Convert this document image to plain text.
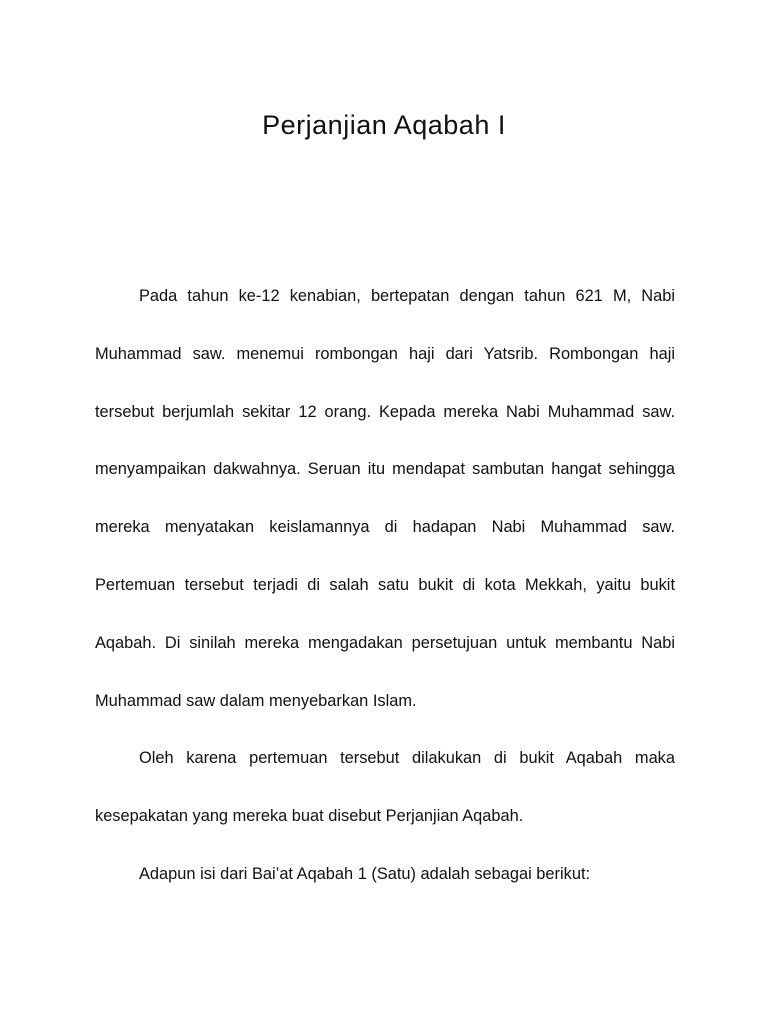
Perjanjian Aqabah I

Pada tahun ke-12 kenabian, bertepatan dengan tahun 621 M, Nabi Muhammad saw. menemui rombongan haji dari Yatsrib. Rombongan haji tersebut berjumlah sekitar 12 orang. Kepada mereka Nabi Muhammad saw. menyampaikan dakwahnya. Seruan itu mendapat sambutan hangat sehingga mereka menyatakan keislamannya di hadapan Nabi Muhammad saw. Pertemuan tersebut terjadi di salah satu bukit di kota Mekkah, yaitu bukit Aqabah. Di sinilah mereka mengadakan persetujuan untuk membantu Nabi Muhammad saw dalam menyebarkan Islam.

Oleh karena pertemuan tersebut dilakukan di bukit Aqabah maka kesepakatan yang mereka buat disebut Perjanjian Aqabah.

Adapun isi dari Bai’at Aqabah 1 (Satu) adalah sebagai berikut:
